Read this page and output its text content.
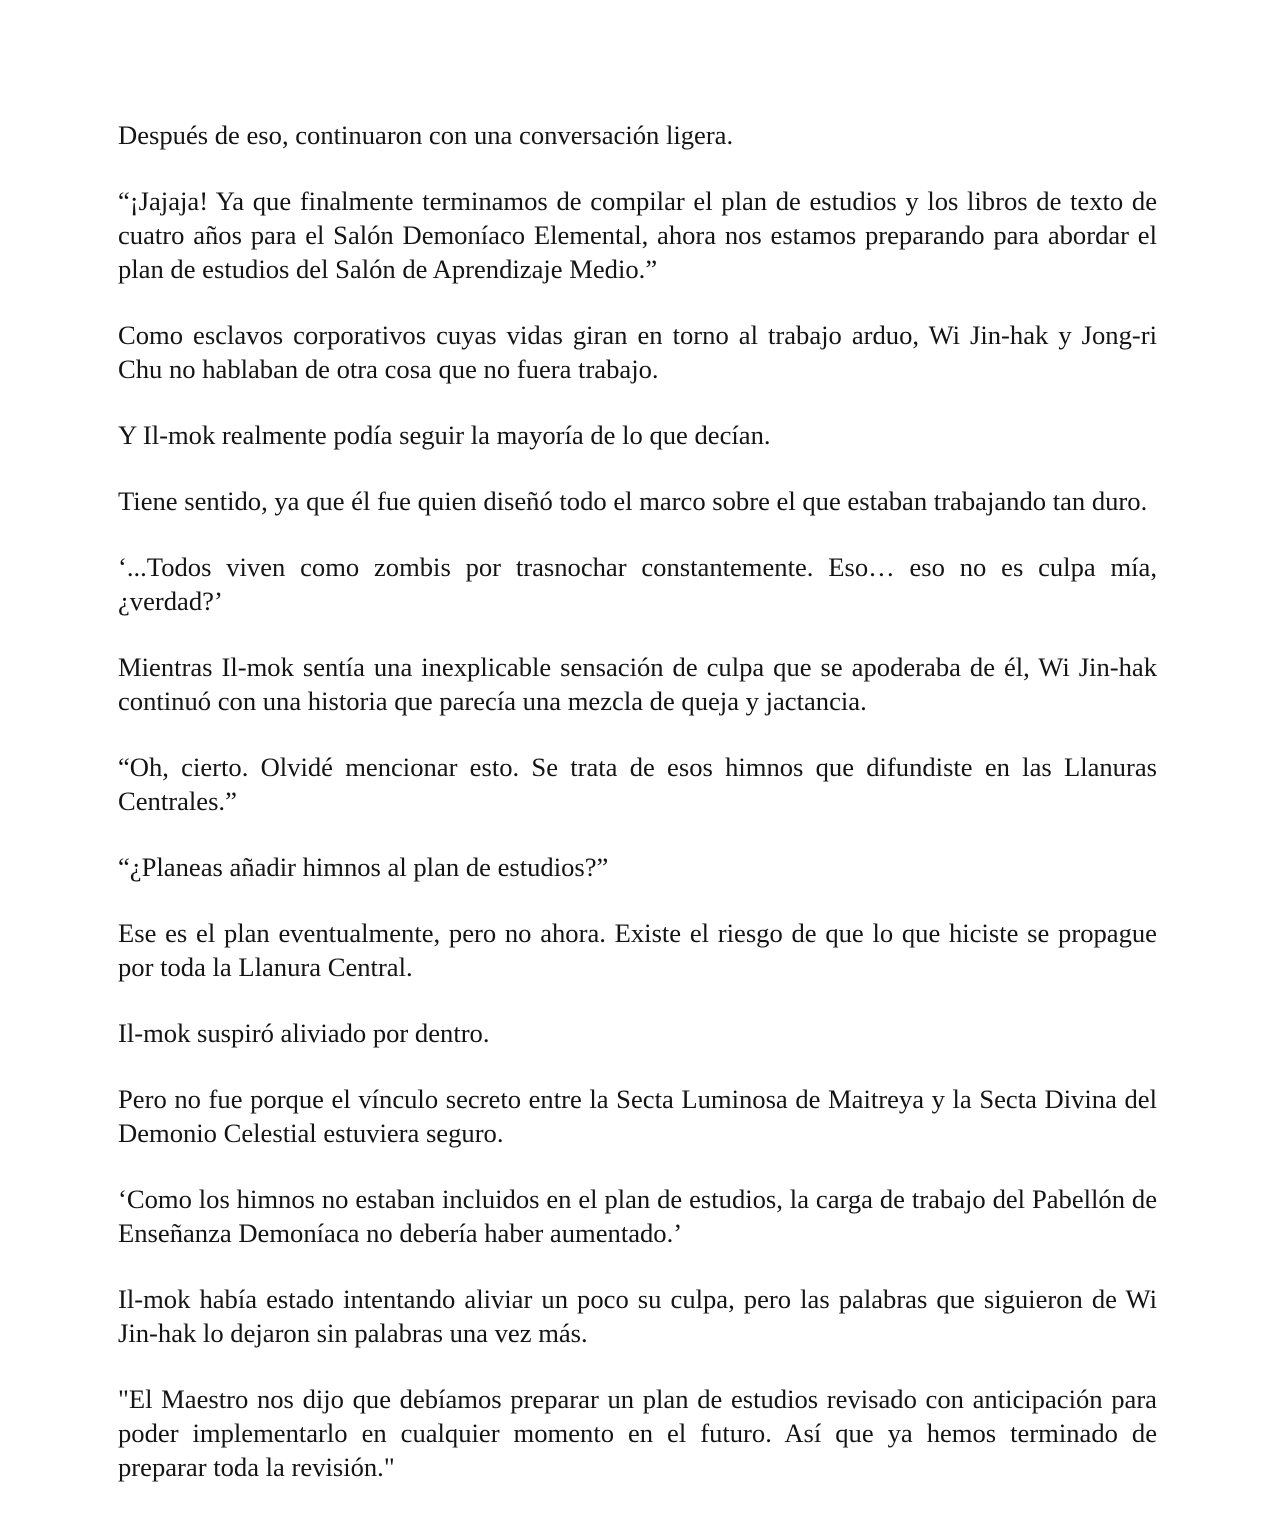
Después de eso, continuaron con una conversación ligera.

“¡Jajaja! Ya que finalmente terminamos de compilar el plan de estudios y los libros de texto de cuatro años para el Salón Demoníaco Elemental, ahora nos estamos preparando para abordar el plan de estudios del Salón de Aprendizaje Medio.”

Como esclavos corporativos cuyas vidas giran en torno al trabajo arduo, Wi Jin-hak y Jong-ri Chu no hablaban de otra cosa que no fuera trabajo.

Y Il-mok realmente podía seguir la mayoría de lo que decían.

Tiene sentido, ya que él fue quien diseñó todo el marco sobre el que estaban trabajando tan duro.

‘...Todos viven como zombis por trasnochar constantemente. Eso… eso no es culpa mía, ¿verdad?’

Mientras Il-mok sentía una inexplicable sensación de culpa que se apoderaba de él, Wi Jin-hak continuó con una historia que parecía una mezcla de queja y jactancia.

“Oh, cierto. Olvidé mencionar esto. Se trata de esos himnos que difundiste en las Llanuras Centrales.”

“¿Planeas añadir himnos al plan de estudios?”

Ese es el plan eventualmente, pero no ahora. Existe el riesgo de que lo que hiciste se propague por toda la Llanura Central.

Il-mok suspiró aliviado por dentro.

Pero no fue porque el vínculo secreto entre la Secta Luminosa de Maitreya y la Secta Divina del Demonio Celestial estuviera seguro.

‘Como los himnos no estaban incluidos en el plan de estudios, la carga de trabajo del Pabellón de Enseñanza Demoníaca no debería haber aumentado.’

Il-mok había estado intentando aliviar un poco su culpa, pero las palabras que siguieron de Wi Jin-hak lo dejaron sin palabras una vez más.

"El Maestro nos dijo que debíamos preparar un plan de estudios revisado con anticipación para poder implementarlo en cualquier momento en el futuro. Así que ya hemos terminado de preparar toda la revisión."
